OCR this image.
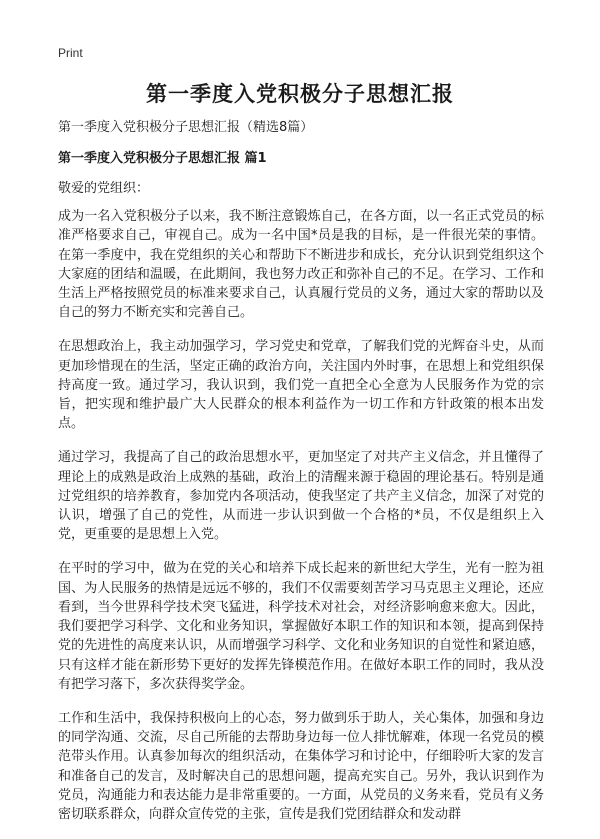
Print
第一季度入党积极分子思想汇报
第一季度入党积极分子思想汇报（精选8篇）
第一季度入党积极分子思想汇报 篇1
敬爱的党组织：

成为一名入党积极分子以来，我不断注意锻炼自己，在各方面，以一名正式党员的标准严格要求自己，审视自己。成为一名中国*员是我的目标，是一件很光荣的事情。在第一季度中，我在党组织的关心和帮助下不断进步和成长，充分认识到党组织这个大家庭的团结和温暖，在此期间，我也努力改正和弥补自己的不足。在学习、工作和生活上严格按照党员的标准来要求自己，认真履行党员的义务，通过大家的帮助以及自己的努力不断充实和完善自己。

在思想政治上，我主动加强学习，学习党史和党章，了解我们党的光辉奋斗史，从而更加珍惜现在的生活，坚定正确的政治方向，关注国内外时事，在思想上和党组织保持高度一致。通过学习，我认识到，我们党一直把全心全意为人民服务作为党的宗旨，把实现和维护最广大人民群众的根本利益作为一切工作和方针政策的根本出发点。

通过学习，我提高了自己的政治思想水平，更加坚定了对共产主义信念，并且懂得了理论上的成熟是政治上成熟的基础，政治上的清醒来源于稳固的理论基石。特别是通过党组织的培养教育，参加党内各项活动，使我坚定了共产主义信念，加深了对党的认识，增强了自己的党性，从而进一步认识到做一个合格的*员，不仅是组织上入党，更重要的是思想上入党。

在平时的学习中，做为在党的关心和培养下成长起来的新世纪大学生，光有一腔为祖国、为人民服务的热情是远远不够的，我们不仅需要刻苦学习马克思主义理论，还应看到，当今世界科学技术突飞猛进，科学技术对社会，对经济影响愈来愈大。因此，我们要把学习科学、文化和业务知识，掌握做好本职工作的知识和本领，提高到保持党的先进性的高度来认识，从而增强学习科学、文化和业务知识的自觉性和紧迫感，只有这样才能在新形势下更好的发挥先锋模范作用。在做好本职工作的同时，我从没有把学习落下，多次获得奖学金。

工作和生活中，我保持积极向上的心态，努力做到乐于助人，关心集体，加强和身边的同学沟通、交流，尽自己所能的去帮助身边每一位人排忧解难，体现一名党员的模范带头作用。认真参加每次的组织活动，在集体学习和讨论中，仔细聆听大家的发言和准备自己的发言，及时解决自己的思想问题，提高充实自己。另外，我认识到作为党员，沟通能力和表达能力是非常重要的。一方面，从党员的义务来看，党员有义务密切联系群众，向群众宣传党的主张，宣传是我们党团结群众和发动群
